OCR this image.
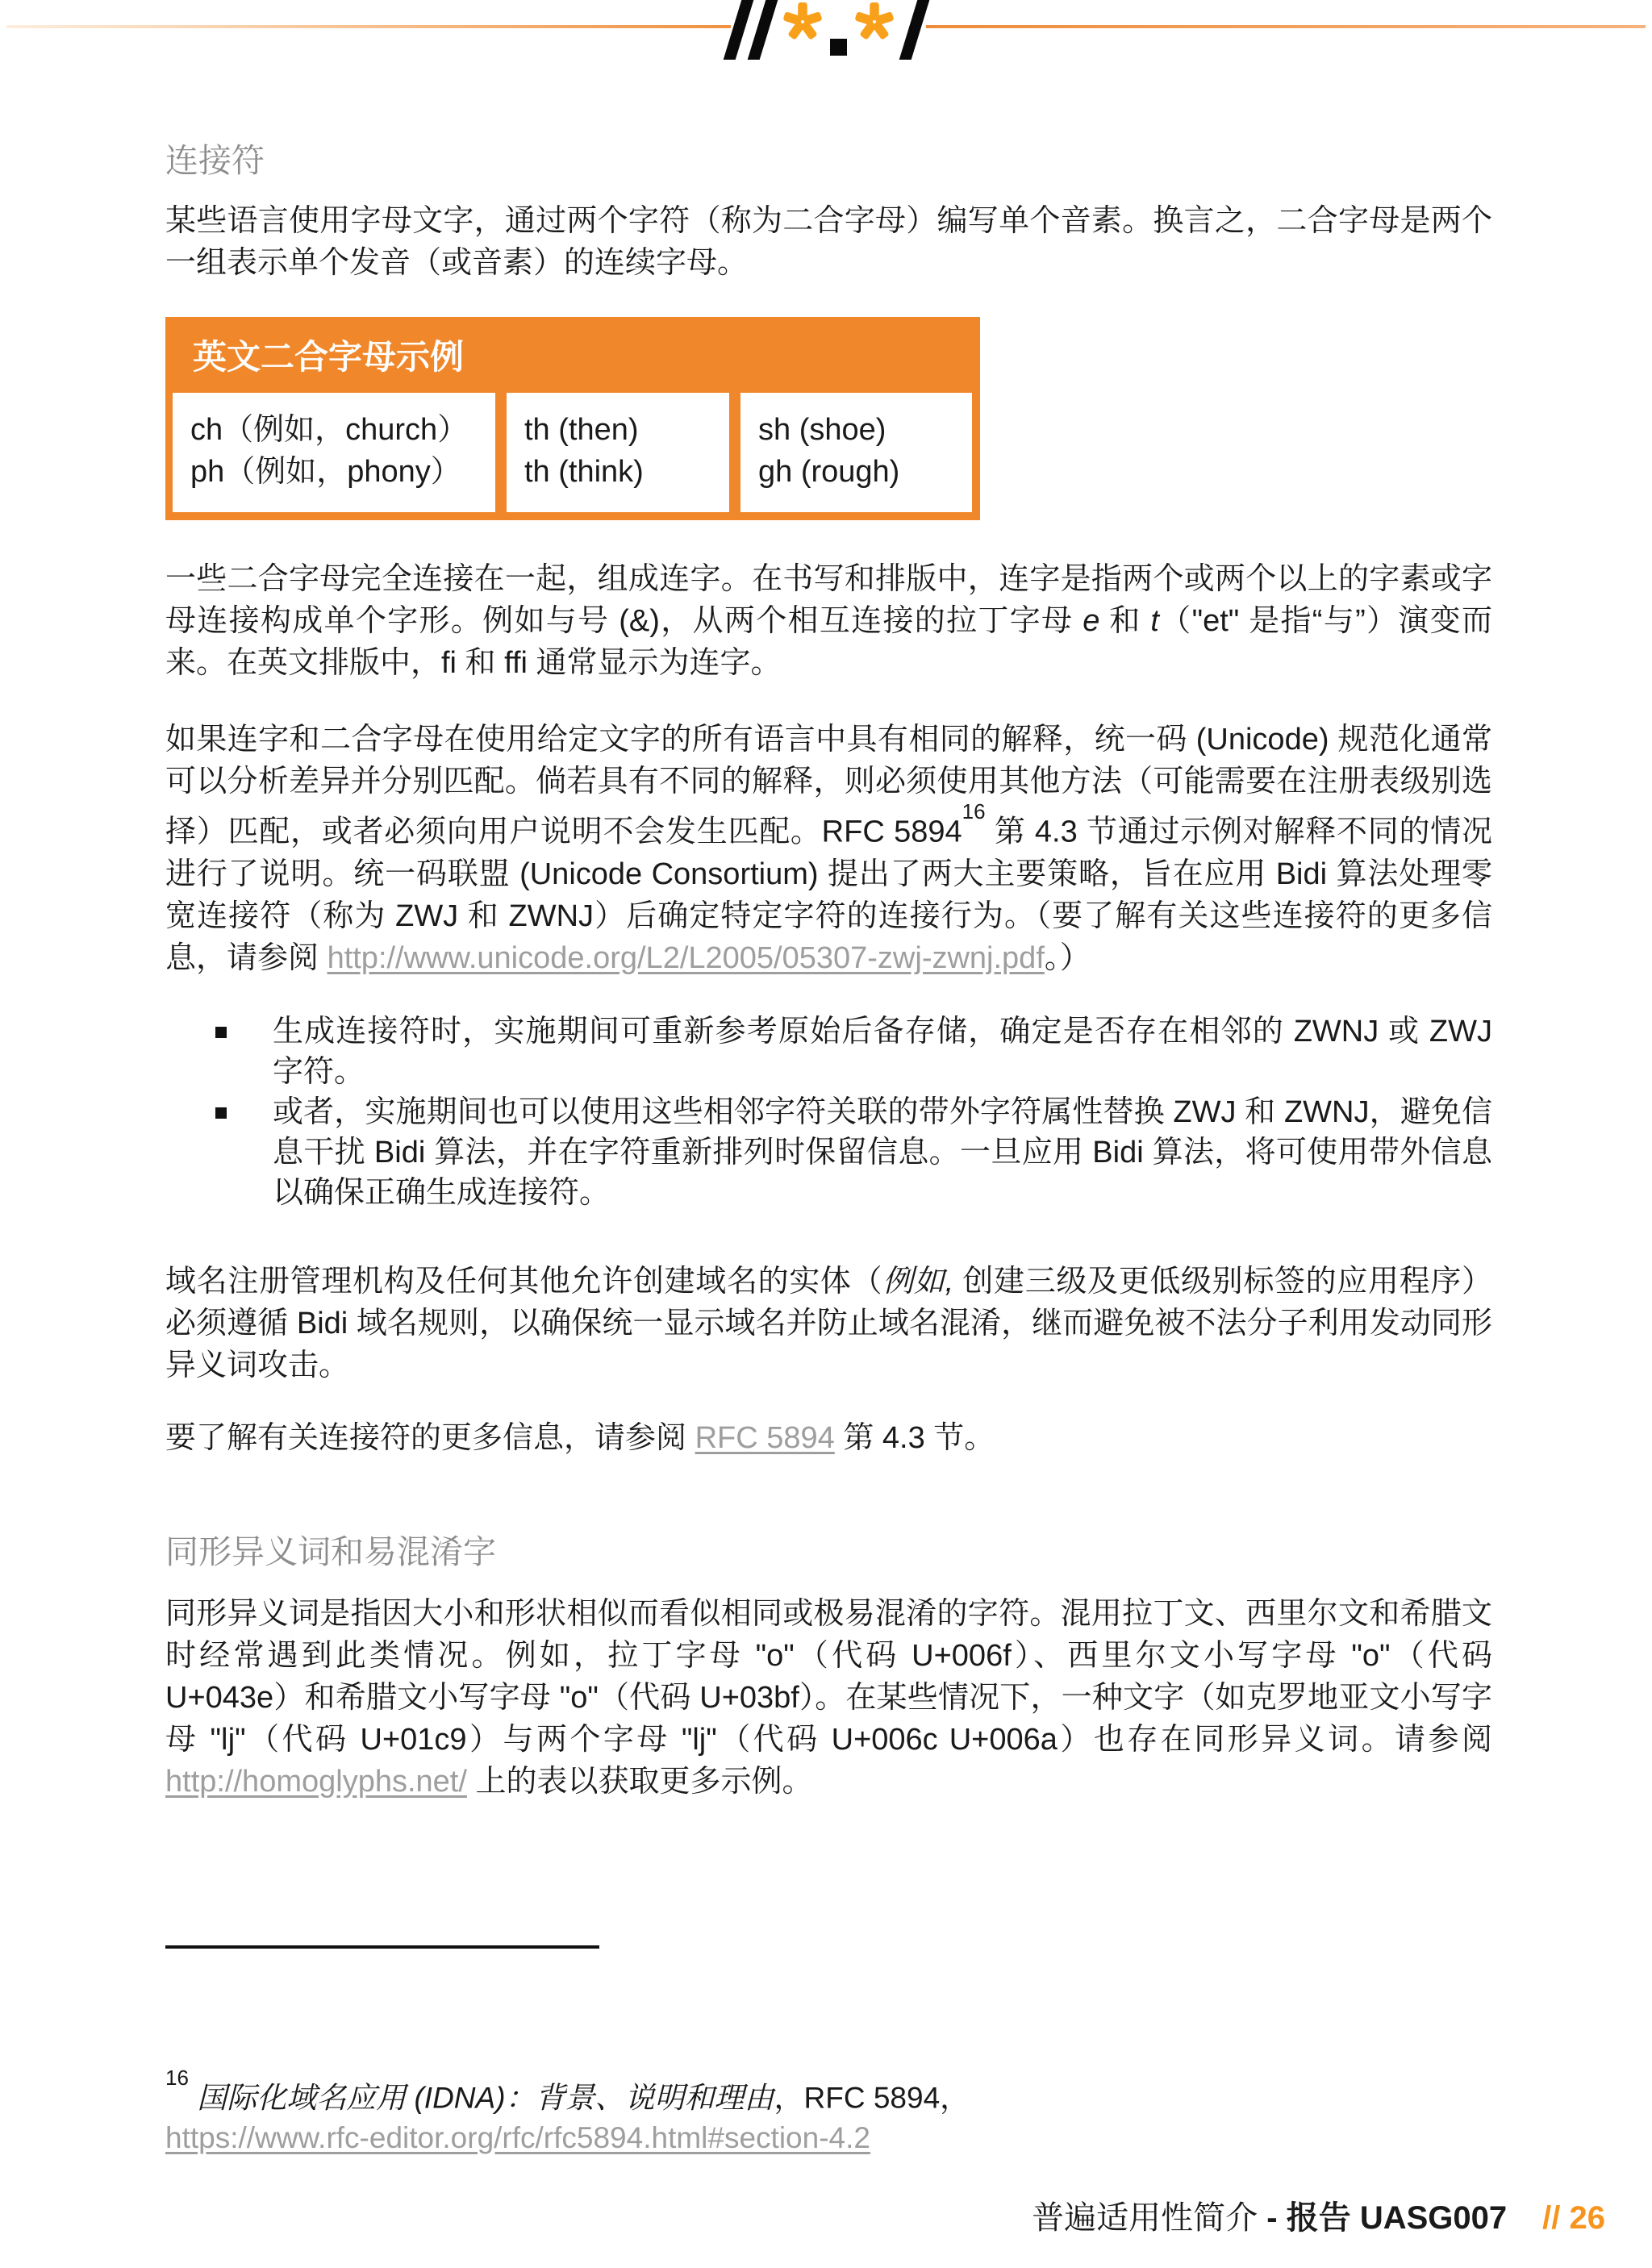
连接符
某些语言使用字母文字，通过两个字符（称为二合字母）编写单个音素。换言之，二合字母是两个一组表示单个发音（或音素）的连续字母。
英文二合字母示例
ch（例如，church）
ph（例如，phony）
th (then)
th (think)
sh (shoe)
gh (rough)
一些二合字母完全连接在一起，组成连字。在书写和排版中，连字是指两个或两个以上的字素或字母连接构成单个字形。例如与号 (&)，从两个相互连接的拉丁字母 e 和 t（"et" 是指“与”）演变而来。在英文排版中，fi 和 ffi 通常显示为连字。
如果连字和二合字母在使用给定文字的所有语言中具有相同的解释，统一码 (Unicode) 规范化通常可以分析差异并分别匹配。倘若具有不同的解释，则必须使用其他方法（可能需要在注册表级别选择）匹配，或者必须向用户说明不会发生匹配。RFC 5894$^{16}$ 第 4.3 节通过示例对解释不同的情况进行了说明。统一码联盟 (Unicode Consortium) 提出了两大主要策略，旨在应用 Bidi 算法处理零宽连接符（称为 ZWJ 和 ZWNJ）后确定特定字符的连接行为。（要了解有关这些连接符的更多信息，请参阅 http://www.unicode.org/L2/L2005/05307-zwj-zwnj.pdf。）
生成连接符时，实施期间可重新参考原始后备存储，确定是否存在相邻的 ZWNJ 或 ZWJ 字符。
或者，实施期间也可以使用这些相邻字符关联的带外字符属性替换 ZWJ 和 ZWNJ，避免信息干扰 Bidi 算法，并在字符重新排列时保留信息。一旦应用 Bidi 算法，将可使用带外信息以确保正确生成连接符。
域名注册管理机构及任何其他允许创建域名的实体（例如, 创建三级及更低级别标签的应用程序）必须遵循 Bidi 域名规则，以确保统一显示域名并防止域名混淆，继而避免被不法分子利用发动同形异义词攻击。
要了解有关连接符的更多信息，请参阅 RFC 5894 第 4.3 节。
同形异义词和易混淆字
同形异义词是指因大小和形状相似而看似相同或极易混淆的字符。混用拉丁文、西里尔文和希腊文时经常遇到此类情况。例如，拉丁字母 "o"（代码 U+006f）、西里尔文小写字母 "о"（代码 U+043e）和希腊文小写字母 "ο"（代码 U+03bf）。在某些情况下，一种文字（如克罗地亚文小写字母 "ǉ"（代码 U+01c9）与两个字母 "lj"（代码 U+006c U+006a）也存在同形异义词。请参阅 http://homoglyphs.net/ 上的表以获取更多示例。
$^{16}$ 国际化域名应用 (IDNA)：背景、说明和理由，RFC 5894，
https://www.rfc-editor.org/rfc/rfc5894.html#section-4.2
普遍适用性简介 - 报告 UASG007 // 26
